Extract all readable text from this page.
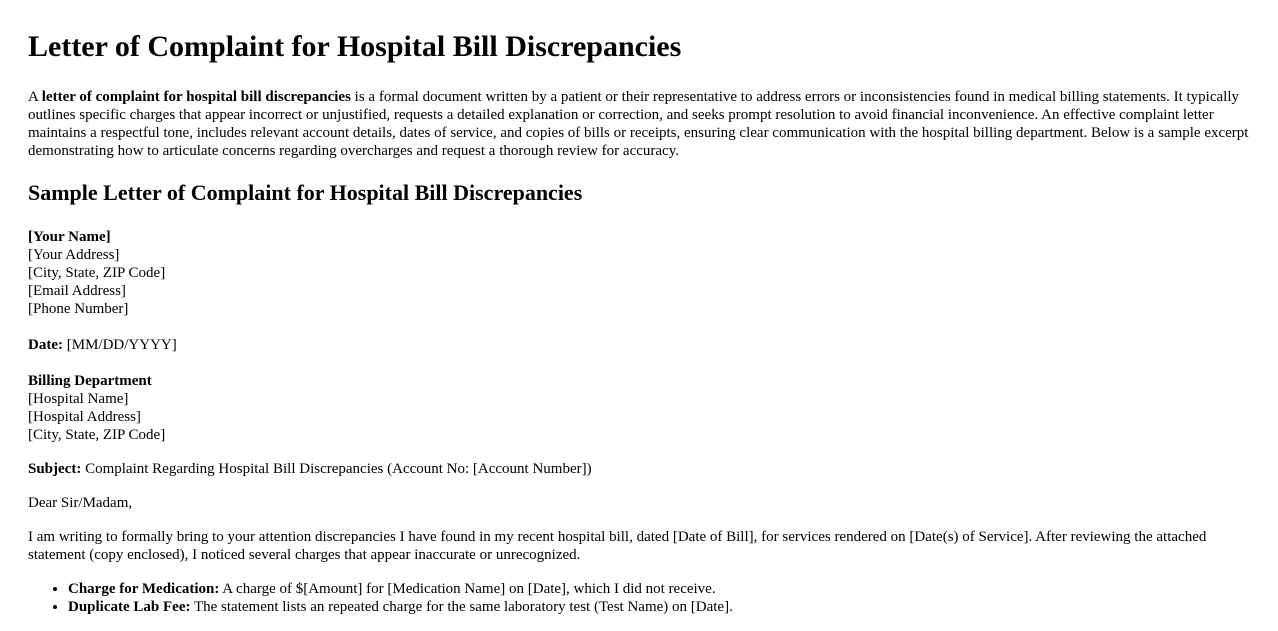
Letter of Complaint for Hospital Bill Discrepancies

A letter of complaint for hospital bill discrepancies is a formal document written by a patient or their representative to address errors or inconsistencies found in medical billing statements. It typically outlines specific charges that appear incorrect or unjustified, requests a detailed explanation or correction, and seeks prompt resolution to avoid financial inconvenience. An effective complaint letter maintains a respectful tone, includes relevant account details, dates of service, and copies of bills or receipts, ensuring clear communication with the hospital billing department. Below is a sample excerpt demonstrating how to articulate concerns regarding overcharges and request a thorough review for accuracy.

Sample Letter of Complaint for Hospital Bill Discrepancies
[Your Name]
[Your Address]
[City, State, ZIP Code]
[Email Address]
[Phone Number]
Date: [MM/DD/YYYY]
Billing Department
[Hospital Name]
[Hospital Address]
[City, State, ZIP Code]
Subject: Complaint Regarding Hospital Bill Discrepancies (Account No: [Account Number])
Dear Sir/Madam,
I am writing to formally bring to your attention discrepancies I have found in my recent hospital bill, dated [Date of Bill], for services rendered on [Date(s) of Service]. After reviewing the attached statement (copy enclosed), I noticed several charges that appear inaccurate or unrecognized.
• Charge for Medication: A charge of $[Amount] for [Medication Name] on [Date], which I did not receive.
• Duplicate Lab Fee: The statement lists an repeated charge for the same laboratory test (Test Name) on [Date].
